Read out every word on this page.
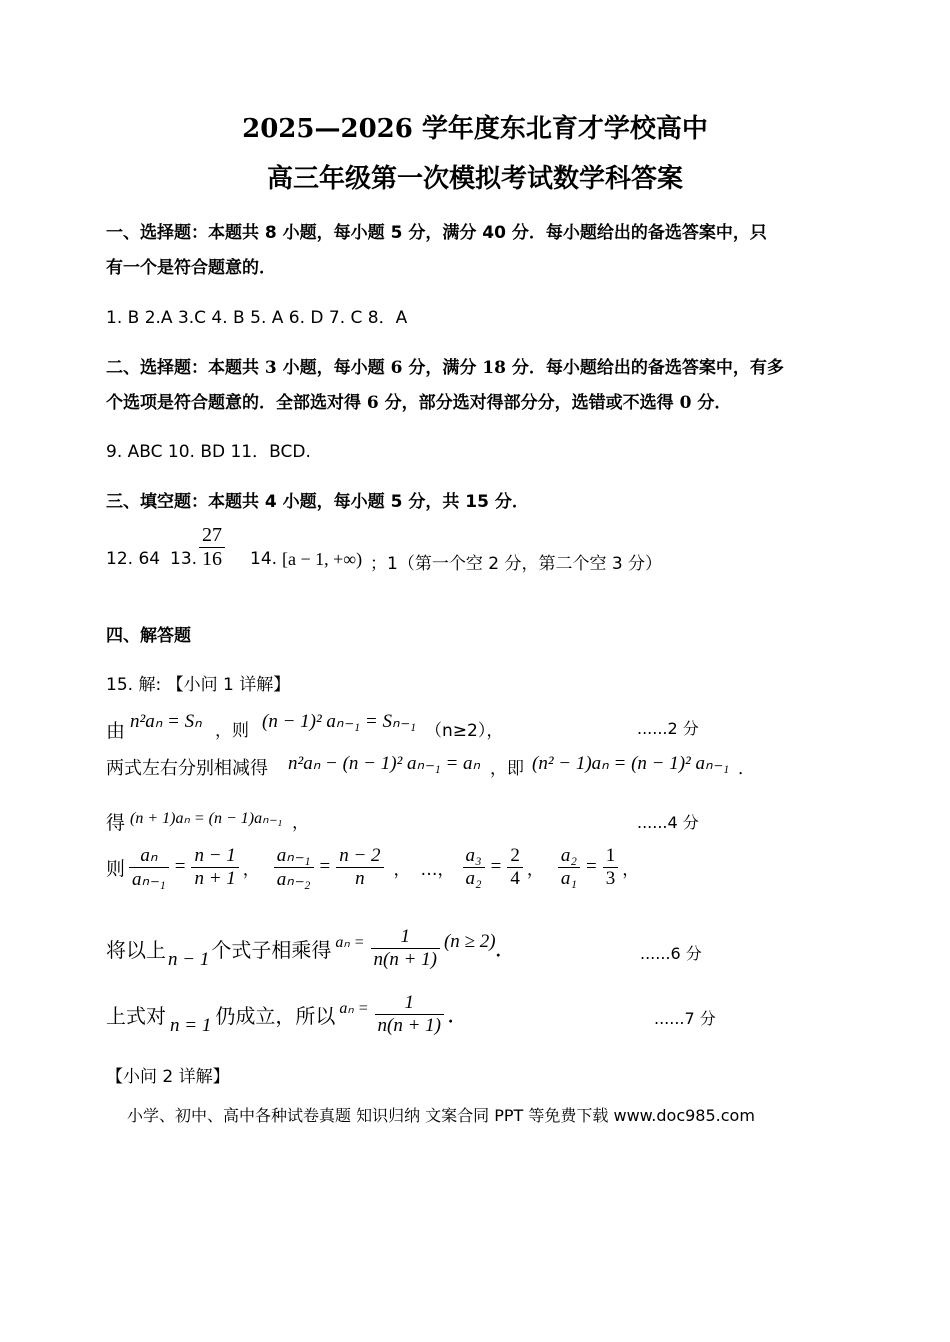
2025—2026 学年度东北育才学校高中
高三年级第一次模拟考试数学科答案
一、选择题：本题共 8 小题，每小题 5 分，满分 40 分．每小题给出的备选答案中，只
有一个是符合题意的．
1. B 2.A 3.C 4. B 5. A 6. D 7. C 8．A
二、选择题：本题共 3 小题，每小题 6 分，满分 18 分．每小题给出的备选答案中，有多
个选项是符合题意的．全部选对得 6 分，部分选对得部分分，选错或不选得 0 分．
9. ABC 10. BD 11．BCD.
三、填空题：本题共 4 小题，每小题 5 分，共 15 分．
12. 64 13. $\frac{27}{16} 14$. [a − 1, +∞) ；1（第一个空 2 分，第二个空 3 分）
四、解答题
15. 解: 【小问 1 详解】
由 n²aₙ = Sₙ ，则 (n − 1)² aₙ₋₁ = Sₙ₋₁ （n≥2），	......2 分
两式左右分别相减得 n²aₙ − (n − 1)² aₙ₋₁ = aₙ ，即 (n² − 1)aₙ = (n − 1)² aₙ₋₁ ．
得 (n + 1)aₙ = (n − 1)aₙ₋₁ ，	......4 分
则 $\frac{\text{aₙ}}{\text{aₙ₋₁}} = \frac{n - 1}{n + 1}$ ， $\frac{\text{aₙ₋₁}}{\text{aₙ₋₂}} = \frac{n - 2}{n}$ ， …， $\frac{\text{a₃}}{\text{a₂}} = \frac{2}{4}$ ， $\frac{\text{a₂}}{\text{a₁}} = \frac{1}{3}$ ，
将以上 n − 1 个式子相乘得 $a_n = \frac{1}{n(n + 1)} (n \ge 2)$ ．	......6 分
上式对 n = 1 仍成立，所以 $a_n = \frac{1}{n(n + 1)}$ ．	......7 分
【小问 2 详解】
小学、初中、高中各种试卷真题 知识归纳 文案合同 PPT 等免费下载 www.doc985.com
